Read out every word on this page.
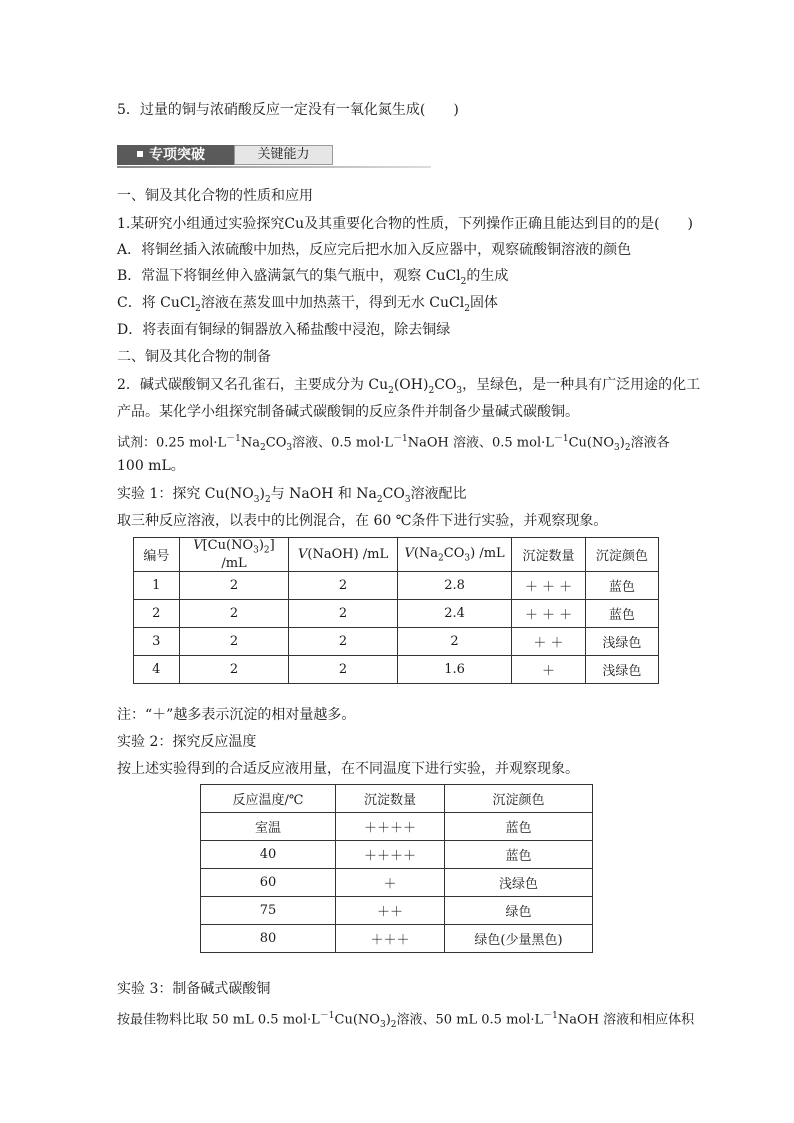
5．过量的铜与浓硝酸反应一定没有一氧化氮生成(　　)
专项突破	关键能力
一、铜及其化合物的性质和应用
1.某研究小组通过实验探究Cu及其重要化合物的性质，下列操作正确且能达到目的的是(　　)
A．将铜丝插入浓硫酸中加热，反应完后把水加入反应器中，观察硫酸铜溶液的颜色
B．常温下将铜丝伸入盛满氯气的集气瓶中，观察 CuCl$_2$的生成
C．将 CuCl$_2$溶液在蒸发皿中加热蒸干，得到无水 CuCl$_2$固体
D．将表面有铜绿的铜器放入稀盐酸中浸泡，除去铜绿
二、铜及其化合物的制备
2．碱式碳酸铜又名孔雀石，主要成分为 $Cu_2(OH)_2CO_3$，呈绿色，是一种具有广泛用途的化工
产品。某化学小组探究制备碱式碳酸铜的反应条件并制备少量碱式碳酸铜。
试剂：0.25 $mol\cdot L^{-1}Na_2CO_3$溶液、0.5 $mol\cdot L^{-1}NaOH$ 溶液、0.5 $mol\cdot L^{-1}Cu(NO_3)_2$溶液各
100 mL。
实验 1：探究 $Cu(NO_3)_2$与 NaOH 和 $Na_2CO_3$溶液配比
取三种反应溶液，以表中的比例混合，在 60 ℃条件下进行实验，并观察现象。
编号	$V[Cu(NO_3)_2]$ /mL	V(NaOH) /mL	$V(Na_2CO_3)$ /mL	沉淀数量	沉淀颜色
1	2	2	2.8	＋ ＋ ＋	蓝色
2	2	2	2.4	＋ ＋ ＋	蓝色
3	2	2	2	＋ ＋	浅绿色
4	2	2	1.6	＋	浅绿色
注：“＋”越多表示沉淀的相对量越多。
实验 2：探究反应温度
按上述实验得到的合适反应液用量，在不同温度下进行实验，并观察现象。
反应温度/℃	沉淀数量	沉淀颜色
室温	＋＋＋＋	蓝色
40	＋＋＋＋	蓝色
60	＋	浅绿色
75	＋＋	绿色
80	＋＋＋	绿色(少量黑色)
实验 3：制备碱式碳酸铜
按最佳物料比取 50 mL 0.5 $mol\cdot L^{-1}Cu(NO_3)_2$溶液、50 mL 0.5 $mol\cdot L^{-1}NaOH$ 溶液和相应体积
